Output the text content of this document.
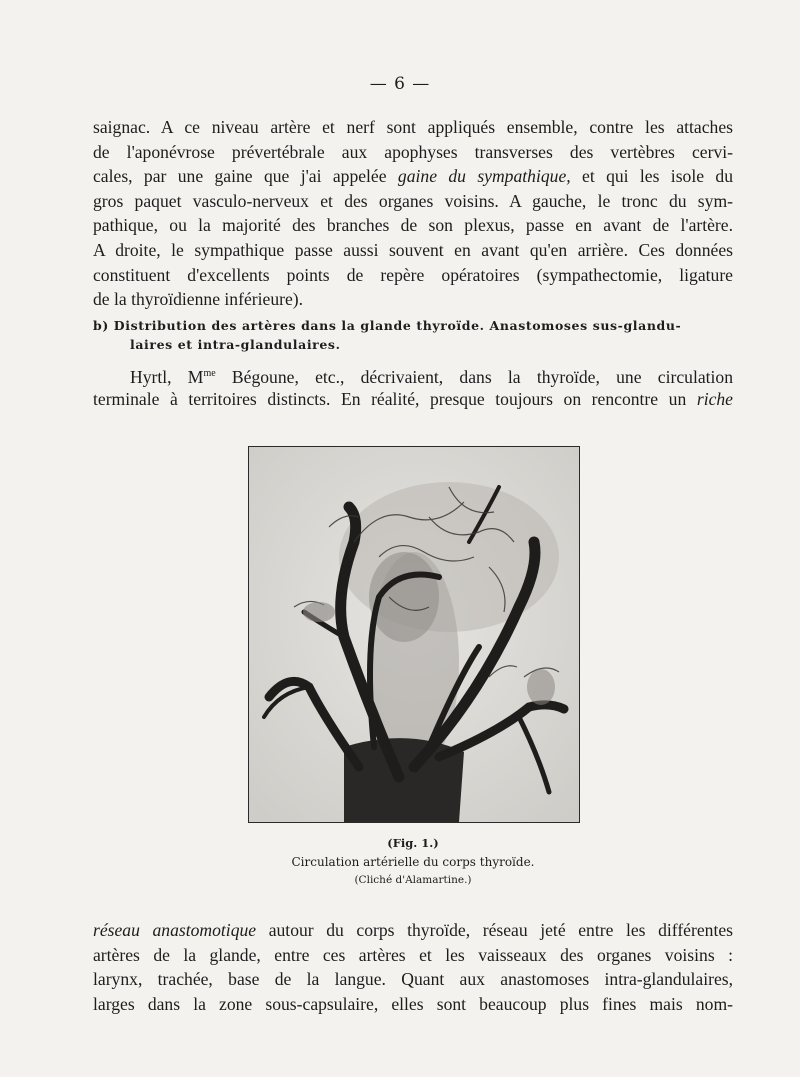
— 6 —
saignac. A ce niveau artère et nerf sont appliqués ensemble, contre les attaches
de l'aponévrose prévertébrale aux apophyses transverses des vertèbres cervi-
cales, par une gaine que j'ai appelée gaine du sympathique, et qui les isole du
gros paquet vasculo-nerveux et des organes voisins. A gauche, le tronc du sym-
pathique, ou la majorité des branches de son plexus, passe en avant de l'artère.
A droite, le sympathique passe aussi souvent en avant qu'en arrière. Ces données
constituent d'excellents points de repère opératoires (sympathectomie, ligature
de la thyroïdienne inférieure).
b) Distribution des artères dans la glande thyroïde. Anastomoses sus-glandu-
laires et intra-glandulaires.
Hyrtl, $M^{me}$ Bégoune, etc., décrivaient, dans la thyroïde, une circulation
terminale à territoires distincts. En réalité, presque toujours on rencontre un riche
(Fig. 1.)
Circulation artérielle du corps thyroïde.
(Cliché d'Alamartine.)
réseau anastomotique autour du corps thyroïde, réseau jeté entre les différentes
artères de la glande, entre ces artères et les vaisseaux des organes voisins :
larynx, trachée, base de la langue. Quant aux anastomoses intra-glandulaires,
larges dans la zone sous-capsulaire, elles sont beaucoup plus fines mais nom-
